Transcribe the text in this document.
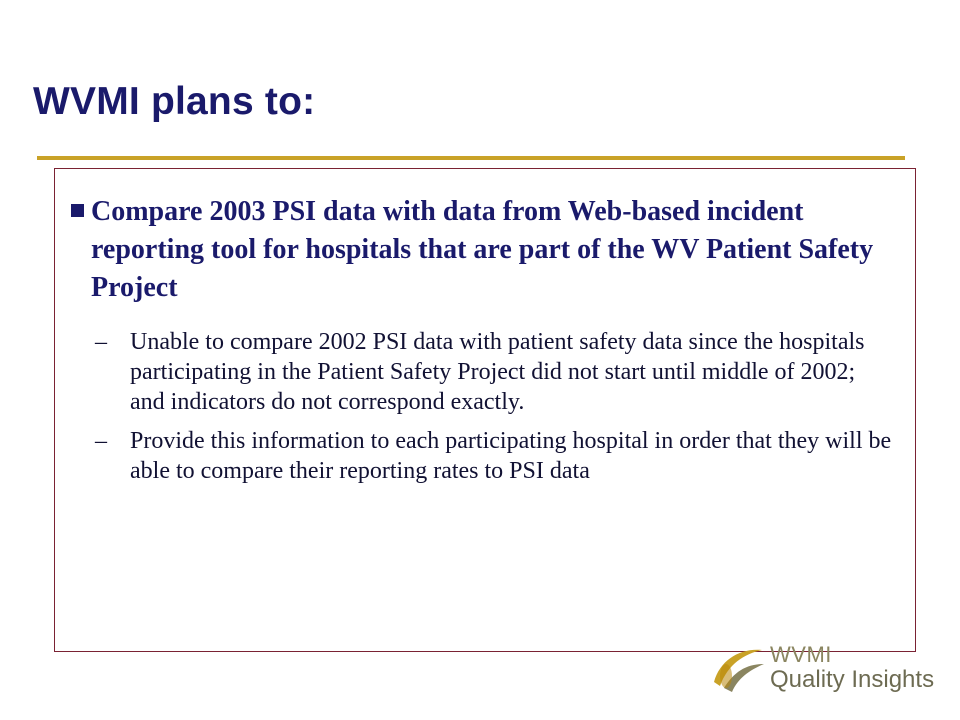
WVMI plans to:
Compare 2003 PSI data with data from Web-based incident reporting tool for hospitals that are part of the WV Patient Safety Project
– Unable to compare 2002 PSI data with patient safety data since the hospitals participating in the Patient Safety Project did not start until middle of 2002; and indicators do not correspond exactly.
– Provide this information to each participating hospital in order that they will be able to compare their reporting rates to PSI data
WVMI
Quality Insights
